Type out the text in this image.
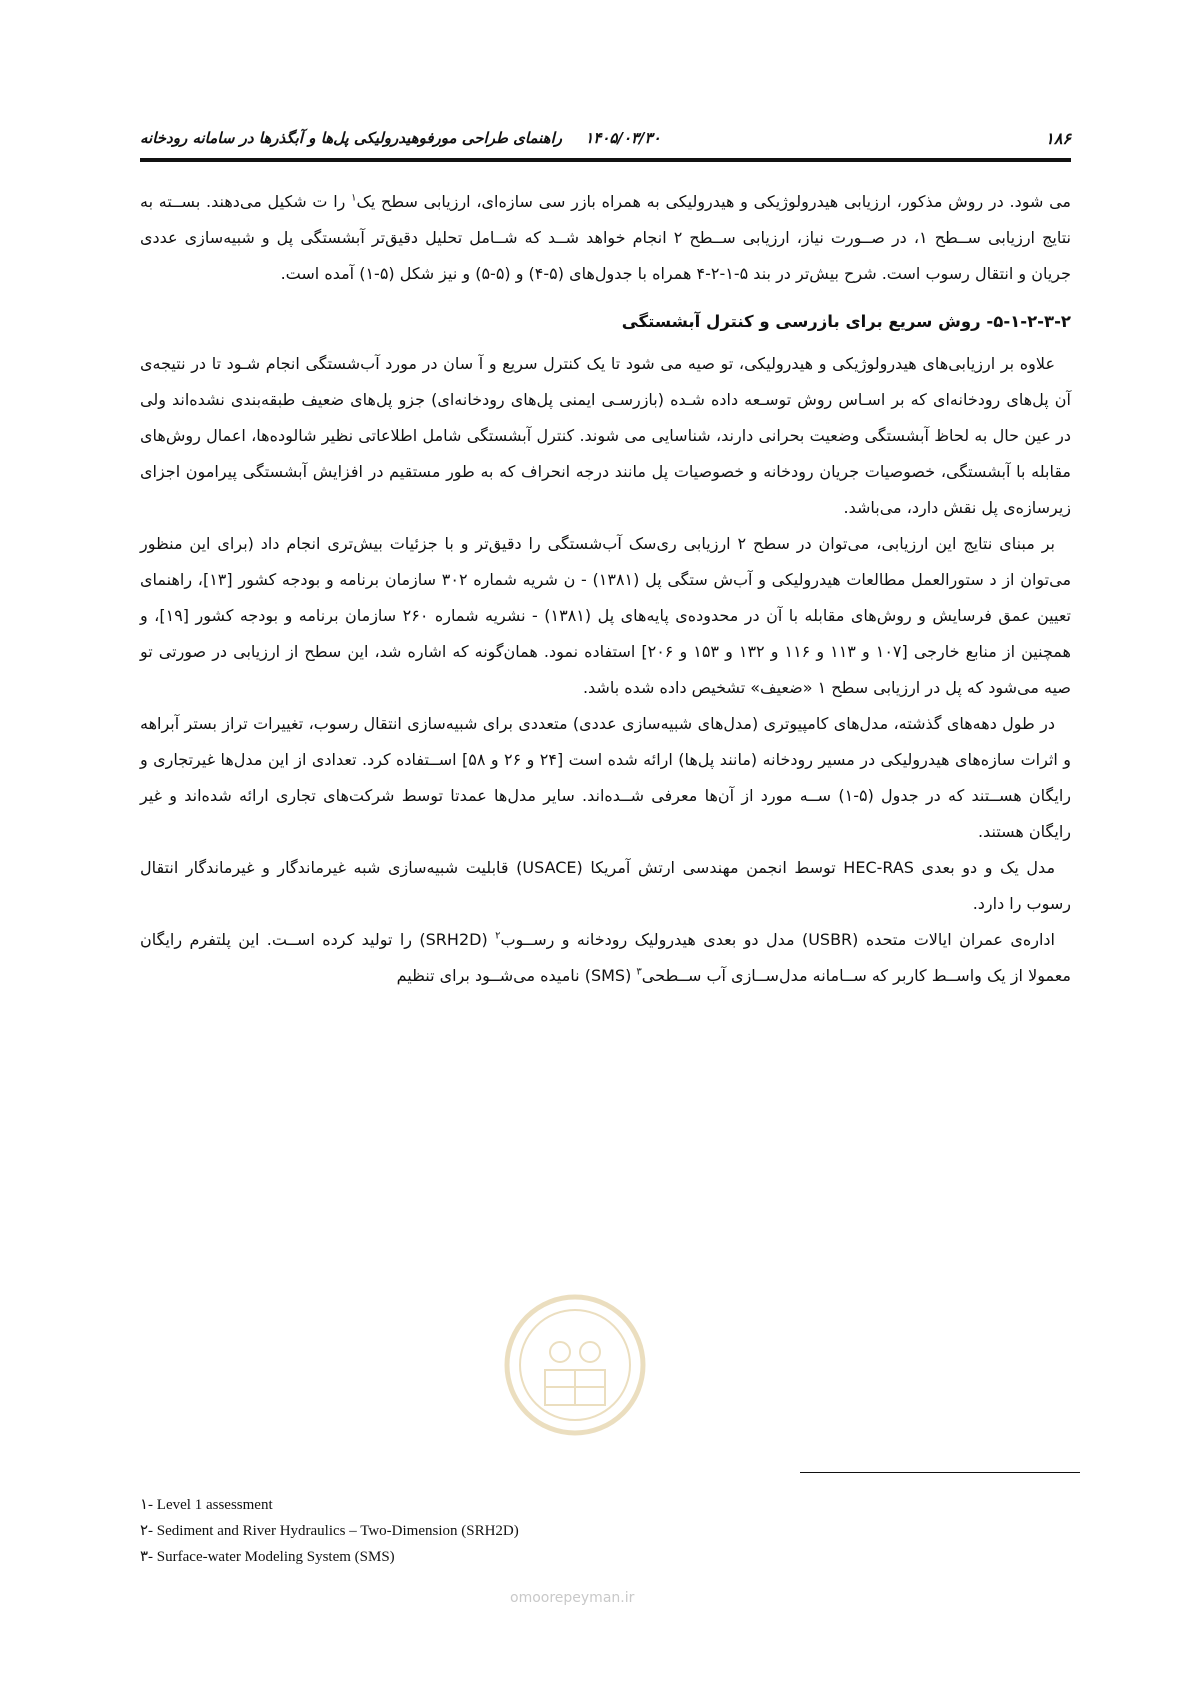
۱۸۶
۱۴۰۵/۰۳/۳۰ راهنمای طراحی مورفوهیدرولیکی پل‌ها و آبگذرها در سامانه رودخانه

می شود. در روش مذکور، ارزیابی هیدرولوژیکی و هیدرولیکی به همراه بازر سی سازه‌ای، ارزیابی سطح یک$^۱$ را ت شکیل می‌دهند. بســته به نتایج ارزیابی ســطح ۱، در صــورت نیاز، ارزیابی ســطح ۲ انجام خواهد شــد که شــامل تحلیل دقیق‌تر آبشستگی پل و شبیه‌سازی عددی جریان و انتقال رسوب است. شرح بیش‌تر در بند ۵-۱-۲-۴ همراه با جدول‌های (۵-۴) و (۵-۵) و نیز شکل (۵-۱) آمده است.

۵-۱-۲-۳-۲- روش سریع برای بازرسی و کنترل آبشستگی

علاوه بر ارزیابی‌های هیدرولوژیکی و هیدرولیکی، تو صیه می شود تا یک کنترل سریع و آ سان در مورد آب‌شستگی انجام شـود تا در نتیجه‌ی آن پل‌های رودخانه‌ای که بر اسـاس روش توسـعه داده شـده (بازرسـی ایمنی پل‌های رودخانه‌ای) جزو پل‌های ضعیف طبقه‌بندی نشده‌اند ولی در عین حال به لحاظ آبشستگی وضعیت بحرانی دارند، شناسایی می شوند. کنترل آبشستگی شامل اطلاعاتی نظیر شالوده‌ها، اعمال روش‌های مقابله با آبشستگی، خصوصیات جریان رودخانه و خصوصیات پل مانند درجه انحراف که به طور مستقیم در افزایش آبشستگی پیرامون اجزای زیرسازه‌ی پل نقش دارد، می‌باشد.

بر مبنای نتایج این ارزیابی، می‌توان در سطح ۲ ارزیابی ری‌سک آب‌شستگی را دقیق‌تر و با جزئیات بیش‌تری انجام داد (برای این منظور می‌توان از د ستورالعمل مطالعات هیدرولیکی و آب‌ش ستگی پل (۱۳۸۱) - ن شریه شماره ۳۰۲ سازمان برنامه و بودجه کشور [۱۳]، راهنمای تعیین عمق فرسایش و روش‌های مقابله با آن در محدوده‌ی پایه‌های پل (۱۳۸۱) - نشریه شماره ۲۶۰ سازمان برنامه و بودجه کشور [۱۹]، و همچنین از منابع خارجی [۱۰۷ و ۱۱۳ و ۱۱۶ و ۱۳۲ و ۱۵۳ و ۲۰۶] استفاده نمود. همان‌گونه که اشاره شد، این سطح از ارزیابی در صورتی تو صیه می‌شود که پل در ارزیابی سطح ۱ «ضعیف» تشخیص داده شده باشد.

در طول دهه‌های گذشته، مدل‌های کامپیوتری (مدل‌های شبیه‌سازی عددی) متعددی برای شبیه‌سازی انتقال رسوب، تغییرات تراز بستر آبراهه و اثرات سازه‌های هیدرولیکی در مسیر رودخانه (مانند پل‌ها) ارائه شده است [۲۴ و ۲۶ و ۵۸] اســتفاده کرد. تعدادی از این مدل‌ها غیرتجاری و رایگان هســتند که در جدول (۵-۱) ســه مورد از آن‌ها معرفی شــده‌اند. سایر مدل‌ها عمدتا توسط شرکت‌های تجاری ارائه شده‌اند و غیر رایگان هستند.

مدل یک و دو بعدی HEC-RAS توسط انجمن مهندسی ارتش آمریکا (USACE) قابلیت شبیه‌سازی شبه غیرماندگار و غیرماندگار انتقال رسوب را دارد.

اداره‌ی عمران ایالات متحده (USBR) مدل دو بعدی هیدرولیک رودخانه و رســوب$^۲$ (SRH2D) را تولید کرده اســت. این پلتفرم رایگان معمولا از یک واســط کاربر که ســامانه مدل‌ســازی آب ســطحی$^۳$ (SMS) نامیده می‌شــود برای تنظیم

omoorepeyman.ir
۱- Level 1 assessment
۲- Sediment and River Hydraulics – Two-Dimension (SRH2D)
۳- Surface-water Modeling System (SMS)
